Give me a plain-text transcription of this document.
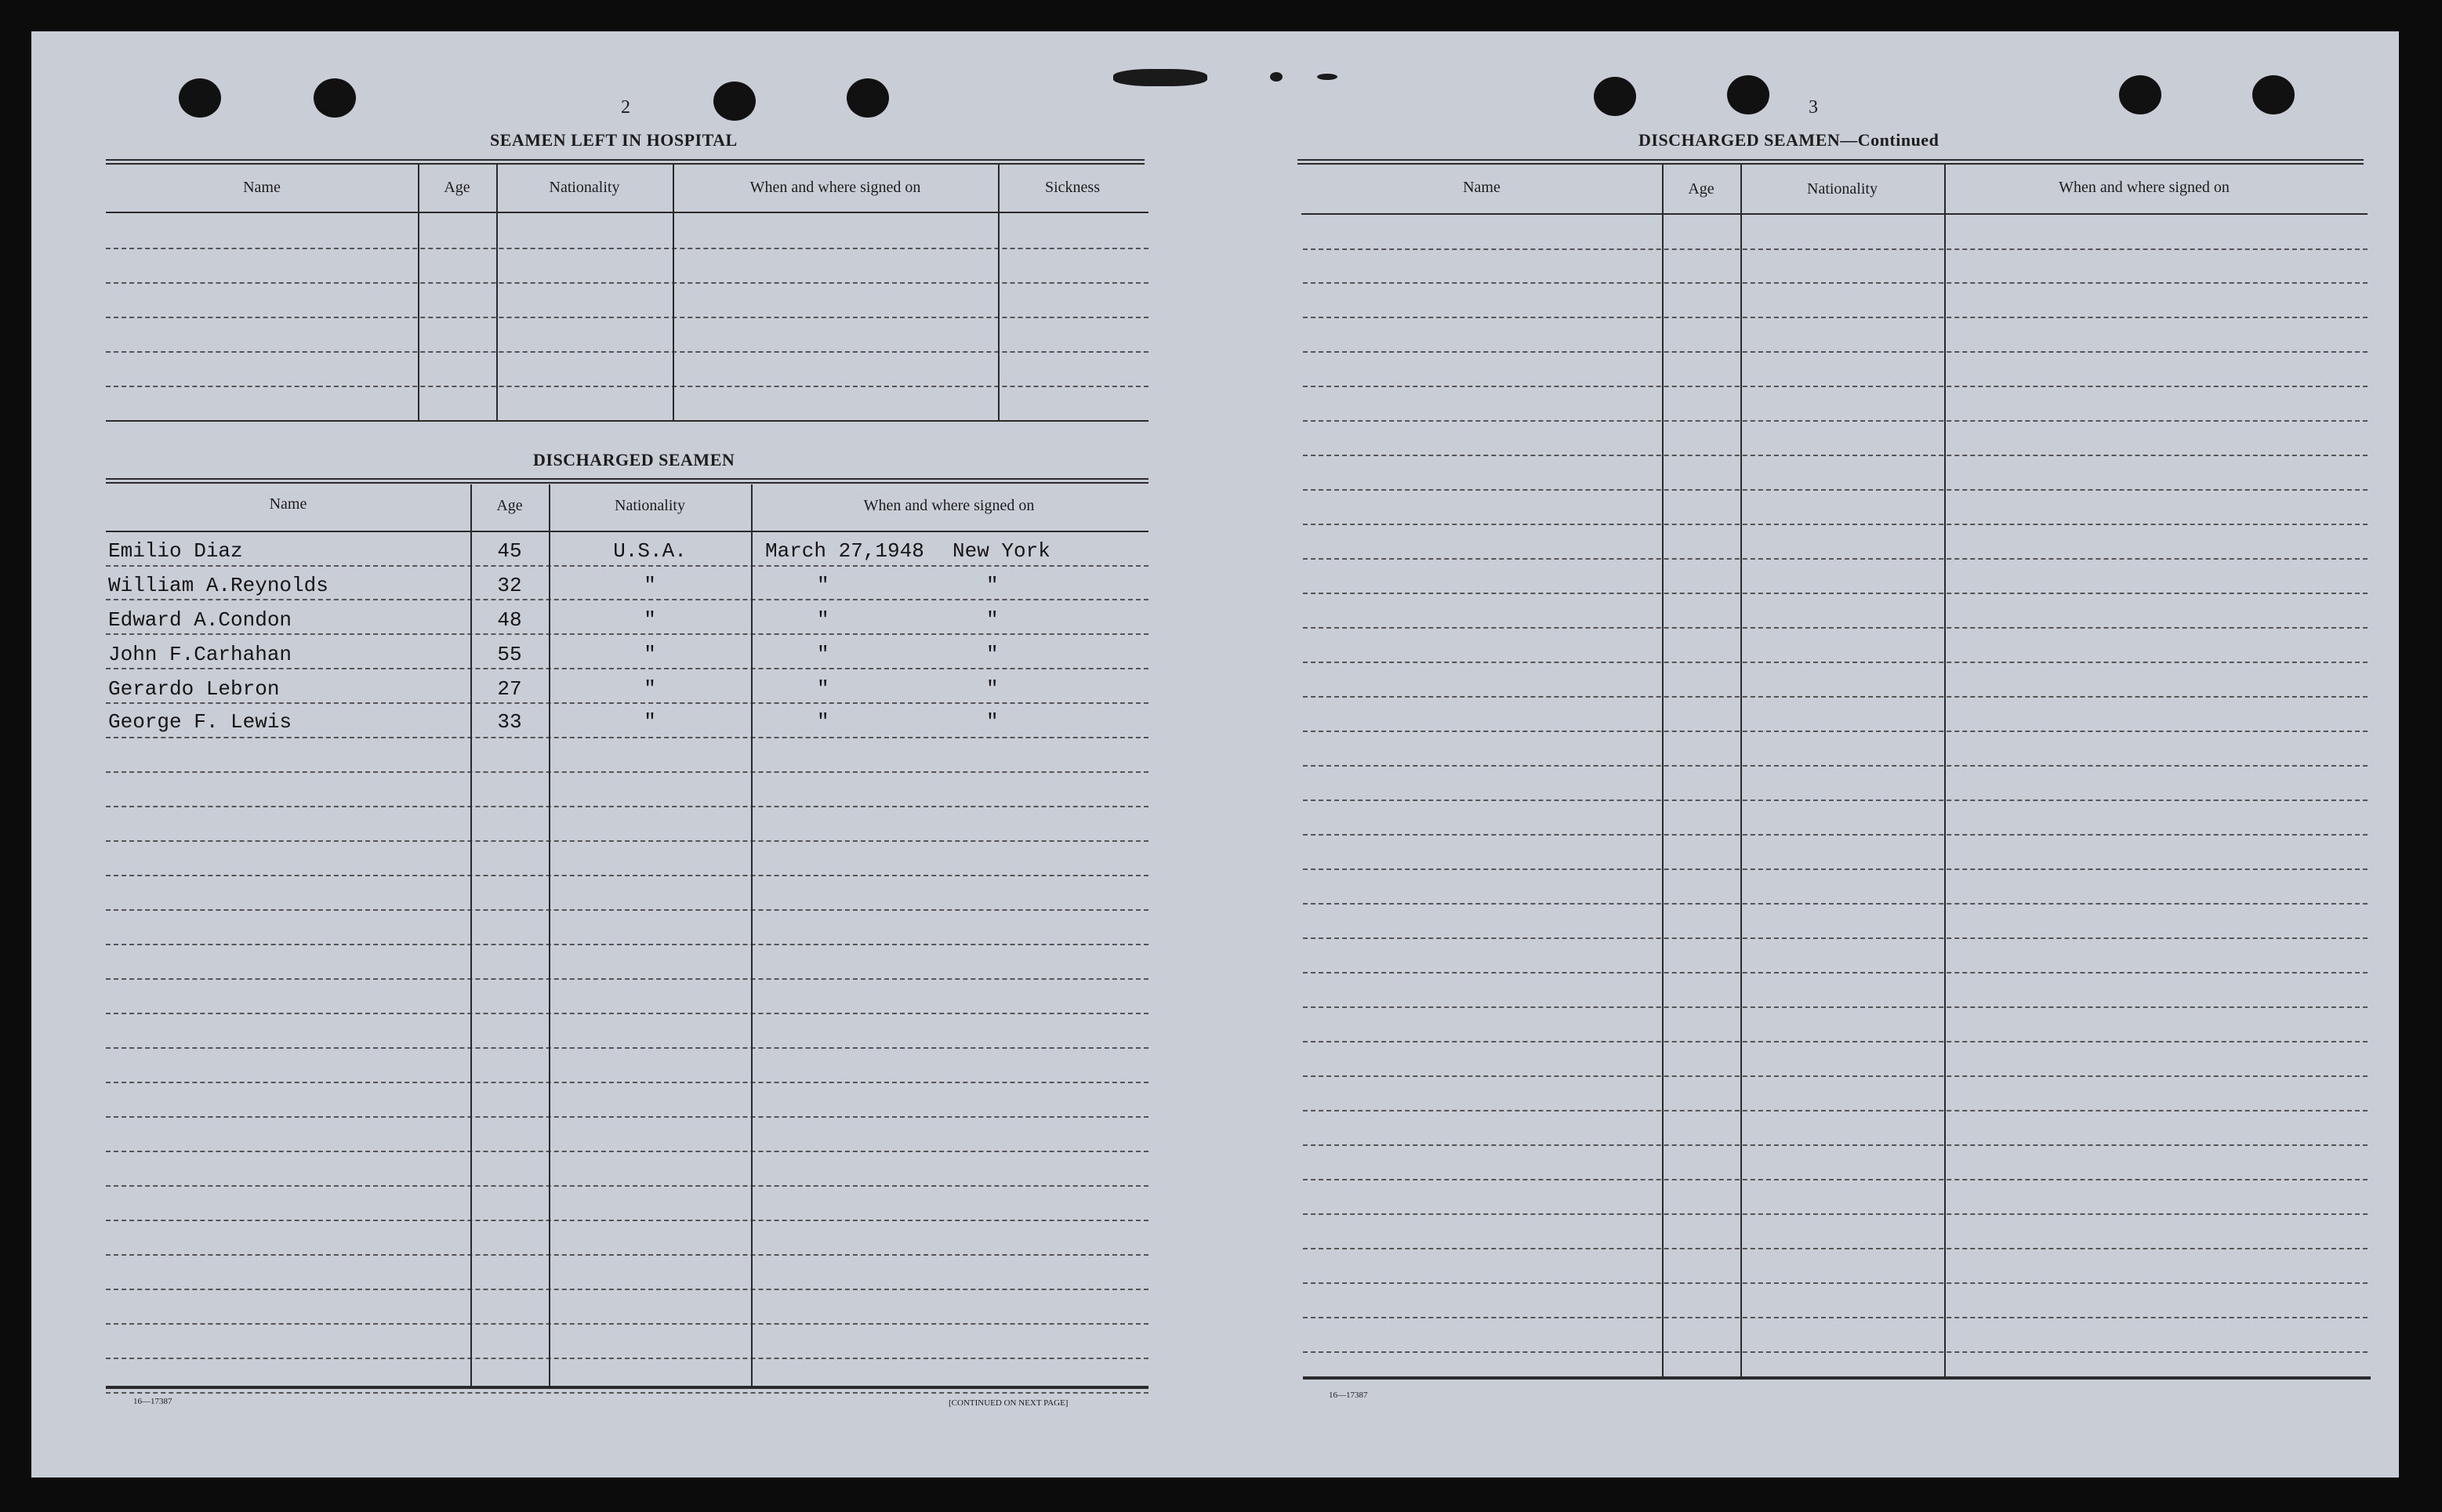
2
SEAMEN LEFT IN HOSPITAL
Name	Age	Nationality	When and where signed on	Sickness
DISCHARGED SEAMEN
Name	Age	Nationality	When and where signed on
Emilio Diaz	45	U.S.A.	March 27,1948 New York
William A.Reynolds	32	"	"	"
Edward A.Condon	48	"	"	"
John F.Carhahan	55	"	"	"
Gerardo Lebron	27	"	"	"
George F. Lewis	33	"	"	"
16—17387	[CONTINUED ON NEXT PAGE]
3
DISCHARGED SEAMEN—Continued
Name	Age	Nationality	When and where signed on
16—17387
